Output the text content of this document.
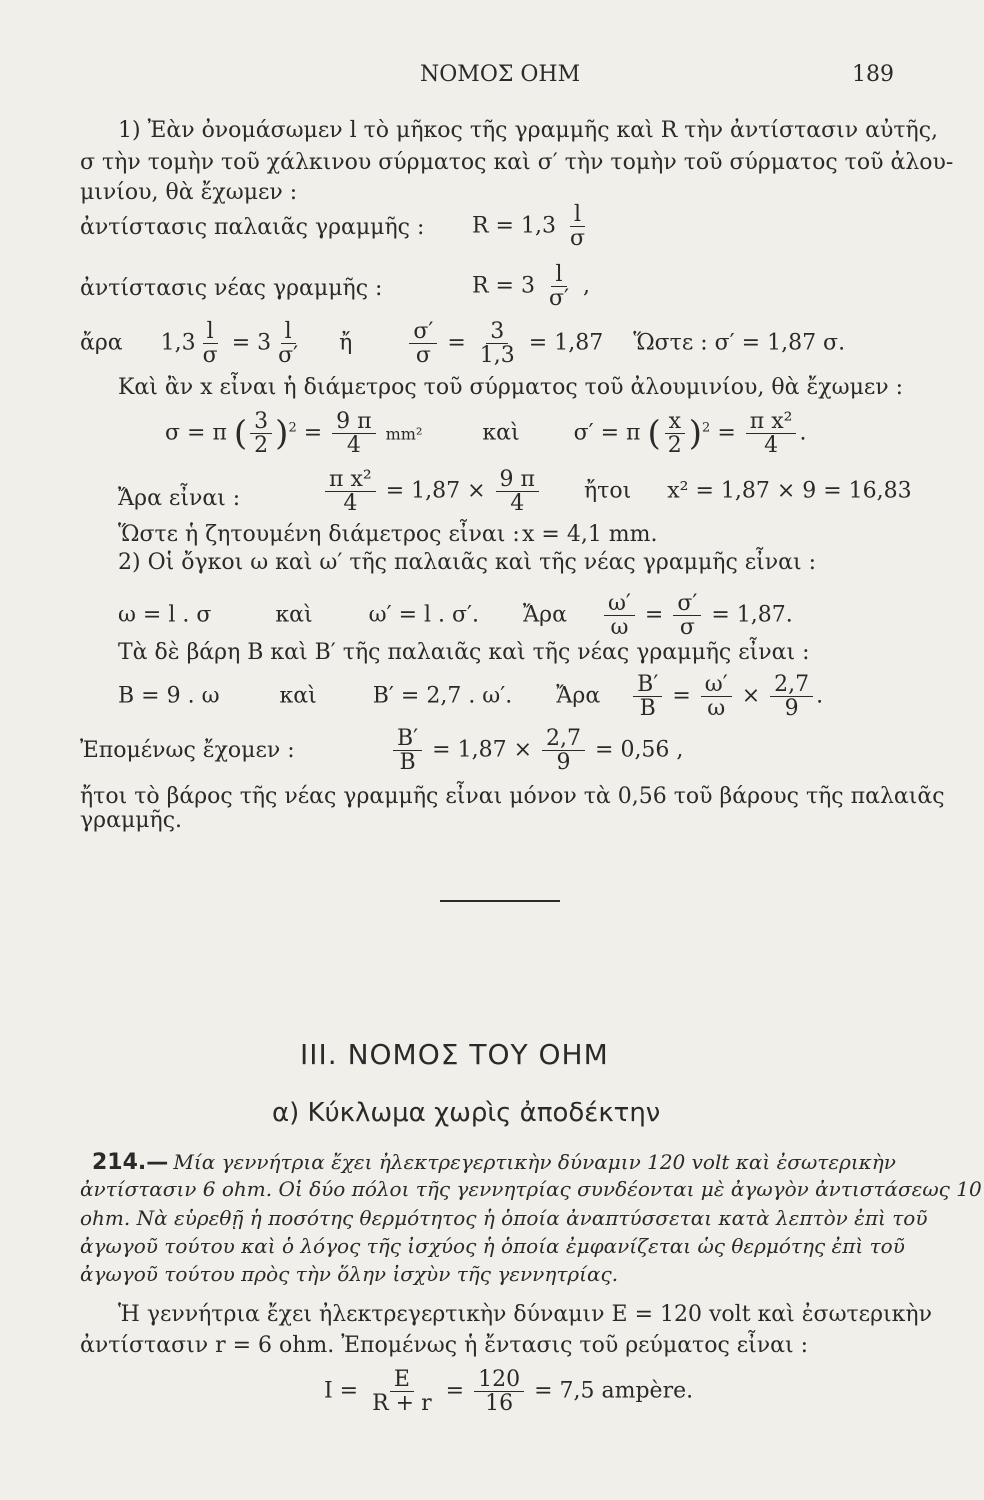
ΝΟΜΟΣ ΟΗΜ	189
1) Ἐὰν ὀνομάσωμεν l τὸ μῆκος τῆς γραμμῆς καὶ R τὴν ἀντίστασιν αὐτῆς,
σ τὴν τομὴν τοῦ χάλκινου σύρματος καὶ σ′ τὴν τομὴν τοῦ σύρματος τοῦ ἀλου-
μινίου, θὰ ἔχωμεν :
ἀντίστασις παλαιᾶς γραμμῆς : $R = 1,3 \frac{l}{\sigma}$
ἀντίστασις νέας γραμμῆς :	$R = 3 \frac{l}{\sigma'}$ ,
ἄρα $1,3 \frac{l}{\sigma} = 3 \frac{l}{\sigma'}$ ἤ	$\frac{\sigma'}{\sigma} = \frac{3}{1,3} = 1,87$ Ὥστε : σ′ = 1,87 σ.
Καὶ ἂν x εἶναι ἡ διάμετρος τοῦ σύρματος τοῦ ἀλουμινίου, θὰ ἔχωμεν :
σ = π ( $\frac{3}{2} )^2 = \frac{9 \pi}{4} mm^2$	καὶ σ′ = π ( $\frac{x}{2} )^2 = \frac{\text{π x²}}{4}$ .
Ἄρα εἶναι :	$\frac{\text{π x²}}{4} = 1,87 \times \frac{9 \pi}{4}$ ἤτοι x² = 1,87 × 9 = 16,83
Ὥστε ἡ ζητουμένη διάμετρος εἶναι : x = 4,1 mm.
2) Οἱ ὄγκοι ω καὶ ω′ τῆς παλαιᾶς καὶ τῆς νέας γραμμῆς εἶναι :
ω = l . σ	καὶ	ω′ = l . σ′. Ἄρα $\frac{\omega'}{\omega} = \frac{\sigma'}{\sigma} = 1,87$.
Τὰ δὲ βάρη B καὶ B′ τῆς παλαιᾶς καὶ τῆς νέας γραμμῆς εἶναι :
B = 9 . ω	καὶ	B′ = 2,7 . ω′. Ἄρα $\frac{B'}{B} = \frac{\omega'}{\omega} \times \frac{2,7}{9}$ .
Ἐπομένως ἔχομεν :	$\frac{B'}{B} = 1,87 \times \frac{2,7}{9} = 0,56$ ,
ἤτοι τὸ βάρος τῆς νέας γραμμῆς εἶναι μόνον τὰ 0,56 τοῦ βάρους τῆς παλαιᾶς
γραμμῆς.
III. ΝΟΜΟΣ ΤΟΥ ΟΗΜ
α) Κύκλωμα χωρὶς ἀποδέκτην
214.— Μία γεννήτρια ἔχει ἠλεκτρεγερτικὴν δύναμιν 120 volt καὶ ἐσωτερικὴν
ἀντίστασιν 6 ohm. Οἱ δύο πόλοι τῆς γεννητρίας συνδέονται μὲ ἀγωγὸν ἀντιστάσεως 10
ohm. Νὰ εὑρεθῇ ἡ ποσότης θερμότητος ἡ ὁποία ἀναπτύσσεται κατὰ λεπτὸν ἐπὶ τοῦ
ἀγωγοῦ τούτου καὶ ὁ λόγος τῆς ἰσχύος ἡ ὁποία ἐμφανίζεται ὡς θερμότης ἐπὶ τοῦ
ἀγωγοῦ τούτου πρὸς τὴν ὅλην ἰσχὺν τῆς γεννητρίας.
Ἡ γεννήτρια ἔχει ἠλεκτρεγερτικὴν δύναμιν E = 120 volt καὶ ἐσωτερικὴν
ἀντίστασιν r = 6 ohm. Ἐπομένως ἡ ἔντασις τοῦ ρεύματος εἶναι :
$I = \frac{E}{R + r} = \frac{120}{16} = 7,5$ ampère.
